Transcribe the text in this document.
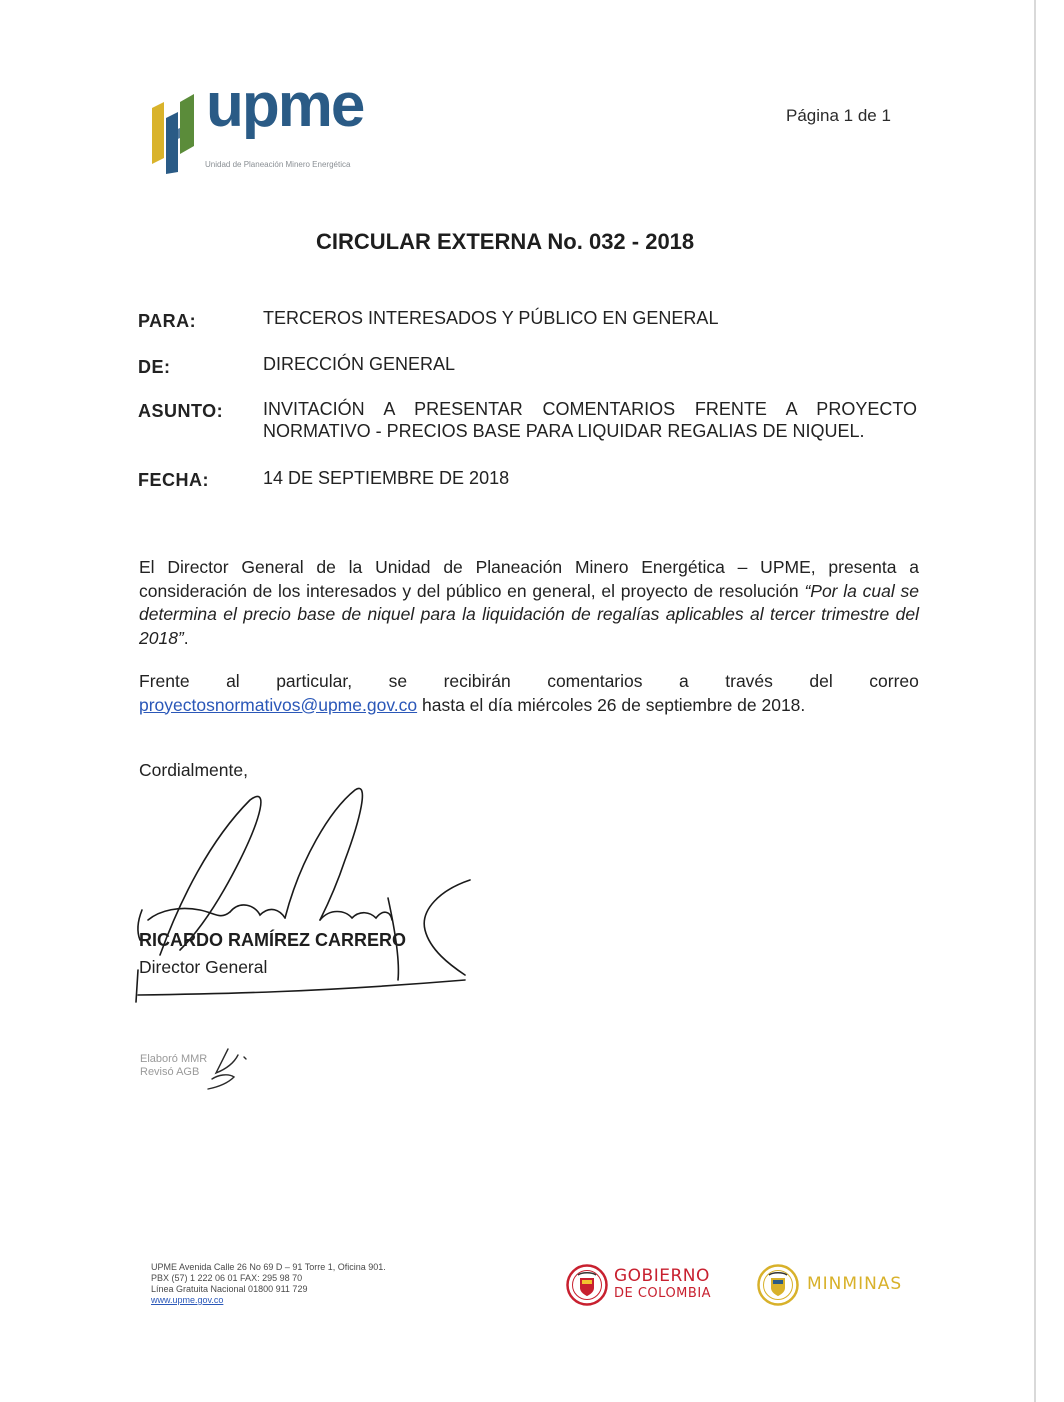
upme
Unidad de Planeación Minero Energética
Página 1 de 1
CIRCULAR EXTERNA No. 032 - 2018
PARA:	TERCEROS INTERESADOS Y PÚBLICO EN GENERAL
DE:	DIRECCIÓN GENERAL
ASUNTO: INVITACIÓN A PRESENTAR COMENTARIOS FRENTE A PROYECTO
NORMATIVO - PRECIOS BASE PARA LIQUIDAR REGALIAS DE NIQUEL.
FECHA:	14 DE SEPTIEMBRE DE 2018
El Director General de la Unidad de Planeación Minero Energética – UPME, presenta a consideración de los interesados y del público en general, el proyecto de resolución “Por la cual se determina el precio base de niquel para la liquidación de regalías aplicables al tercer trimestre del 2018”.
Frente al particular, se recibirán comentarios a través del correo
proyectosnormativos@upme.gov.co hasta el día miércoles 26 de septiembre de 2018.
Cordialmente,
RICARDO RAMÍREZ CARRERO
Director General
Elaboró MMR
Revisó AGB
UPME Avenida Calle 26 No 69 D – 91 Torre 1, Oficina 901.
PBX (57) 1 222 06 01 FAX: 295 98 70
Línea Gratuita Nacional 01800 911 729
www.upme.gov.co
GOBIERNO
DE COLOMBIA	MINMINAS
